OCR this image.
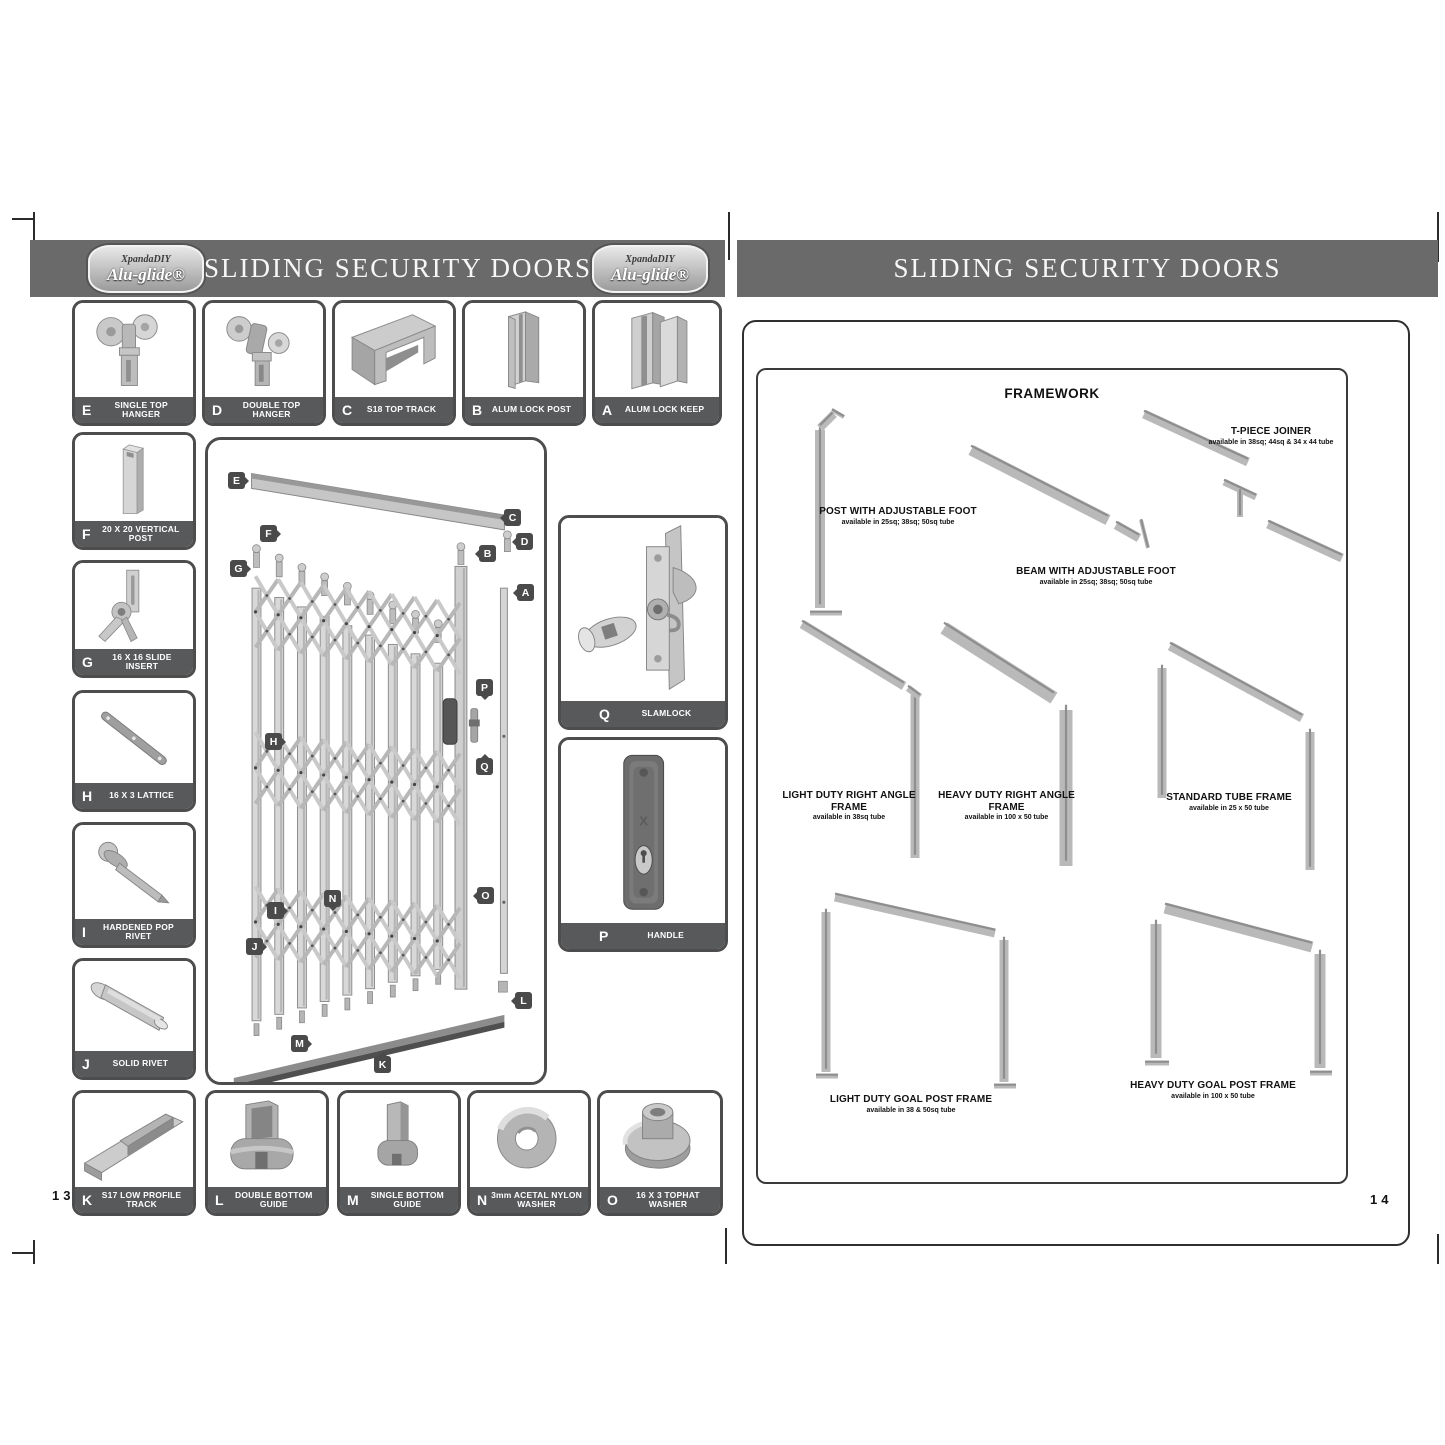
XpandaDIY
Alu-glide® SLIDING SECURITY DOORS	XpandaDIY
Alu-glide®
E	SINGLE TOP HANGER	D	DOUBLE TOP HANGER	C	S18 TOP TRACK	B	ALUM LOCK POST	A	ALUM LOCK KEEP
F	20 X 20 VERTICAL POST
G	16 X 16 SLIDE INSERT
H	16 X 3 LATTICE
I	HARDENED POP RIVET
J	SOLID RIVET
K	S17 LOW PROFILE TRACK
E
F
G
H
I
J
M
K
C
D
B
A
P
Q
N	O
L
Q	SLAMLOCK
X
P	HANDLE
L	DOUBLE BOTTOM GUIDE	M	SINGLE BOTTOM GUIDE	N 3mm ACETAL NYLON WASHER	O	16 X 3 TOPHAT WASHER
13
SLIDING SECURITY DOORS
FRAMEWORK
POST WITH ADJUSTABLE FOOT
available in 25sq; 38sq; 50sq tube
BEAM WITH ADJUSTABLE FOOT
available in 25sq; 38sq; 50sq tube
T-PIECE JOINER
available in 38sq; 44sq & 34 x 44 tube
LIGHT DUTY RIGHT ANGLE FRAME
available in 38sq tube
HEAVY DUTY RIGHT ANGLE FRAME
available in 100 x 50 tube
STANDARD TUBE FRAME
available in 25 x 50 tube
LIGHT DUTY GOAL POST FRAME
available in 38 & 50sq tube
HEAVY DUTY GOAL POST FRAME
available in 100 x 50 tube
14
